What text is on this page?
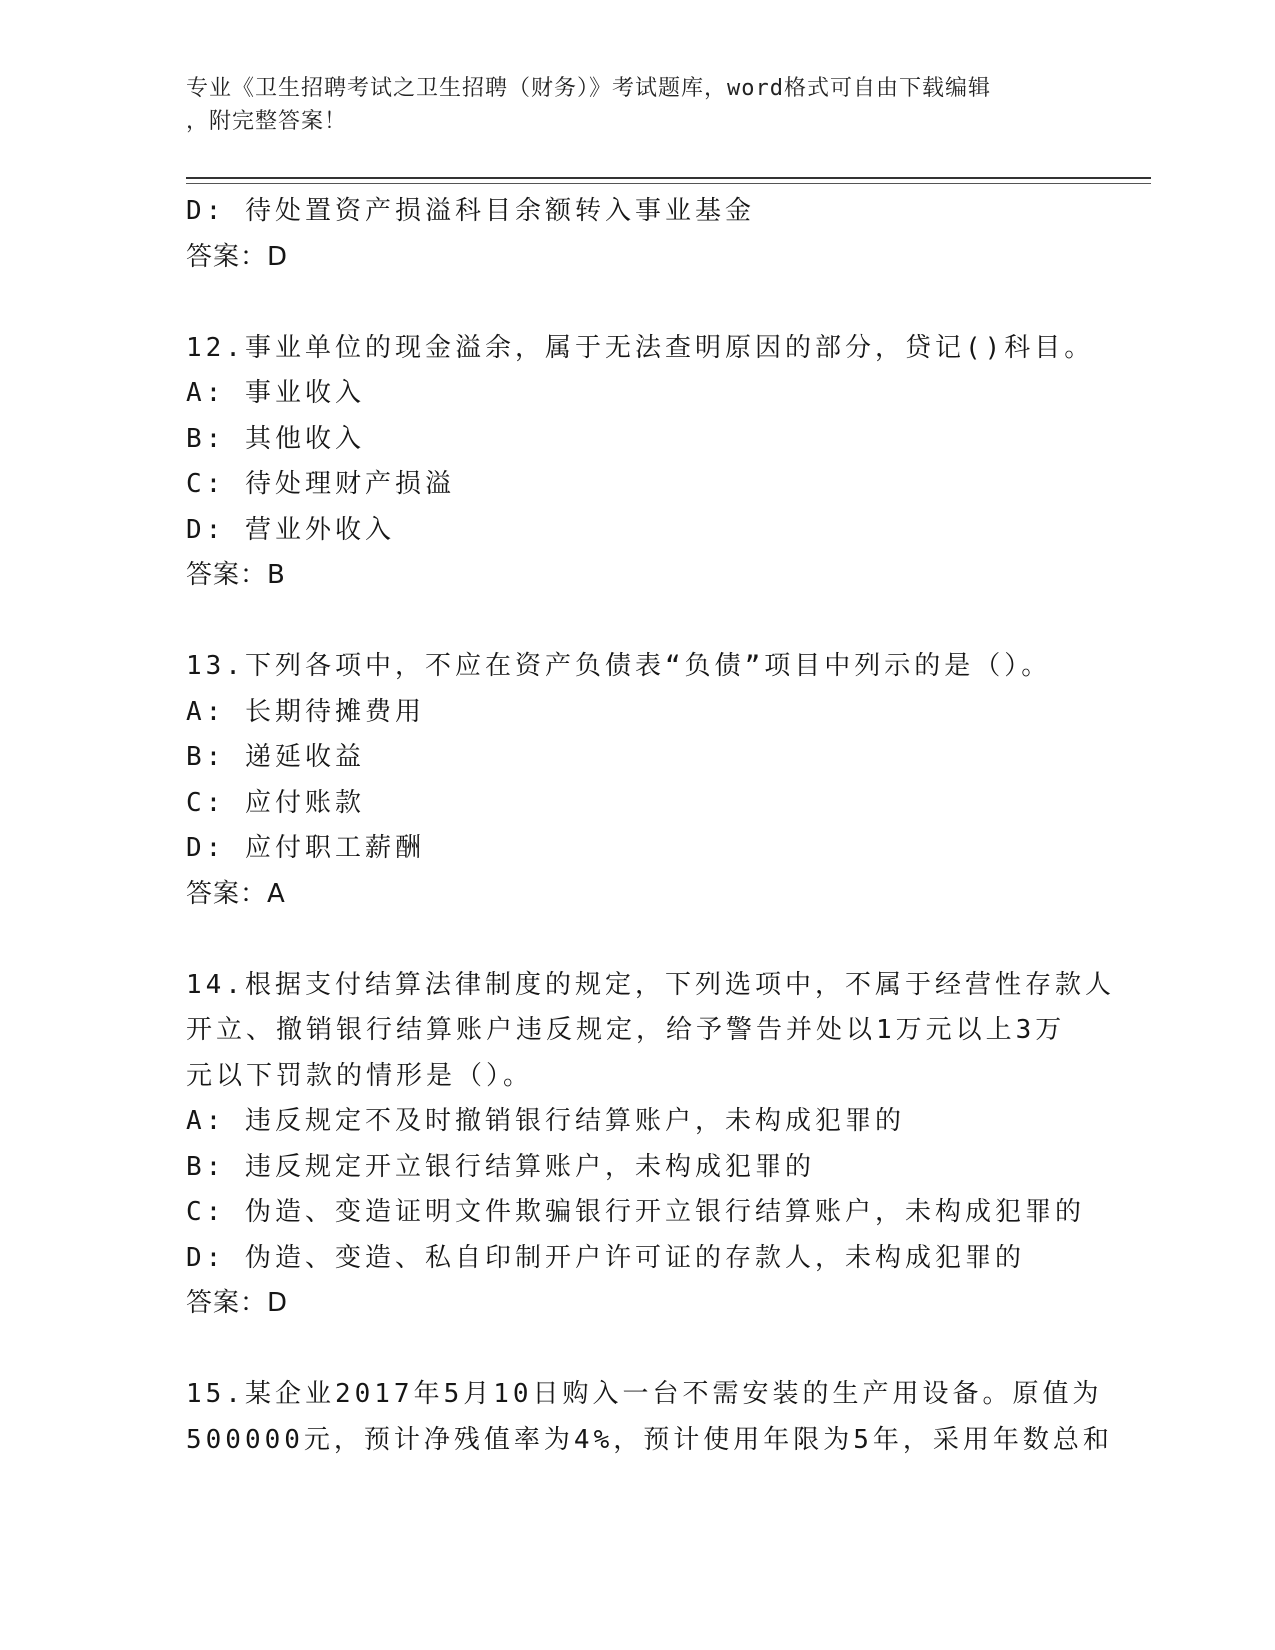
专业《卫生招聘考试之卫生招聘（财务）》考试题库，word格式可自由下载编辑
，附完整答案！
D: 待处置资产损溢科目余额转入事业基金
答案：D
12.事业单位的现金溢余，属于无法查明原因的部分，贷记()科目。
A: 事业收入
B: 其他收入
C: 待处理财产损溢
D: 营业外收入
答案：B
13.下列各项中，不应在资产负债表“负债”项目中列示的是（）。
A: 长期待摊费用
B: 递延收益
C: 应付账款
D: 应付职工薪酬
答案：A
14.根据支付结算法律制度的规定，下列选项中，不属于经营性存款人
开立、撤销银行结算账户违反规定，给予警告并处以1万元以上3万
元以下罚款的情形是（）。
A: 违反规定不及时撤销银行结算账户，未构成犯罪的
B: 违反规定开立银行结算账户，未构成犯罪的
C: 伪造、变造证明文件欺骗银行开立银行结算账户，未构成犯罪的
D: 伪造、变造、私自印制开户许可证的存款人，未构成犯罪的
答案：D
15.某企业2017年5月10日购入一台不需安装的生产用设备。原值为
500000元，预计净残值率为4%，预计使用年限为5年，采用年数总和
